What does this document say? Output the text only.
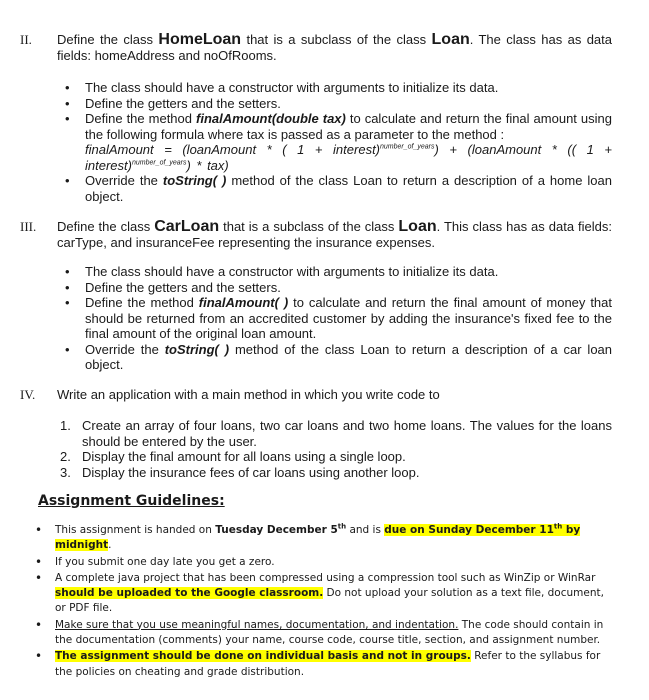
II. Define the class HomeLoan that is a subclass of the class Loan. The class has as data fields: homeAddress and noOfRooms.
• The class should have a constructor with arguments to initialize its data.
• Define the getters and the setters.
• Define the method finalAmount(double tax) to calculate and return the final amount using the following formula where tax is passed as a parameter to the method :
finalAmount = (loanAmount * ( 1 + interest)$^{number\_of\_years}$) + (loanAmount * (( 1 + interest)$^{number\_of\_years}$) * tax)
• Override the toString( ) method of the class Loan to return a description of a home loan object.
III. Define the class CarLoan that is a subclass of the class Loan. This class has as data fields: carType, and insuranceFee representing the insurance expenses.
• The class should have a constructor with arguments to initialize its data.
• Define the getters and the setters.
• Define the method finalAmount( ) to calculate and return the final amount of money that should be returned from an accredited customer by adding the insurance's fixed fee to the final amount of the original loan amount.
• Override the toString( ) method of the class Loan to return a description of a car loan object.
IV. Write an application with a main method in which you write code to
1. Create an array of four loans, two car loans and two home loans. The values for the loans should be entered by the user.
2. Display the final amount for all loans using a single loop.
3. Display the insurance fees of car loans using another loop.
Assignment Guidelines:
• This assignment is handed on Tuesday December 5th and is due on Sunday December 11th by midnight.
• If you submit one day late you get a zero.
• A complete java project that has been compressed using a compression tool such as WinZip or WinRar should be uploaded to the Google classroom. Do not upload your solution as a text file, document, or PDF file.
• Make sure that you use meaningful names, documentation, and indentation. The code should contain in the documentation (comments) your name, course code, course title, section, and assignment number.
• The assignment should be done on individual basis and not in groups. Refer to the syllabus for the policies on cheating and grade distribution.
